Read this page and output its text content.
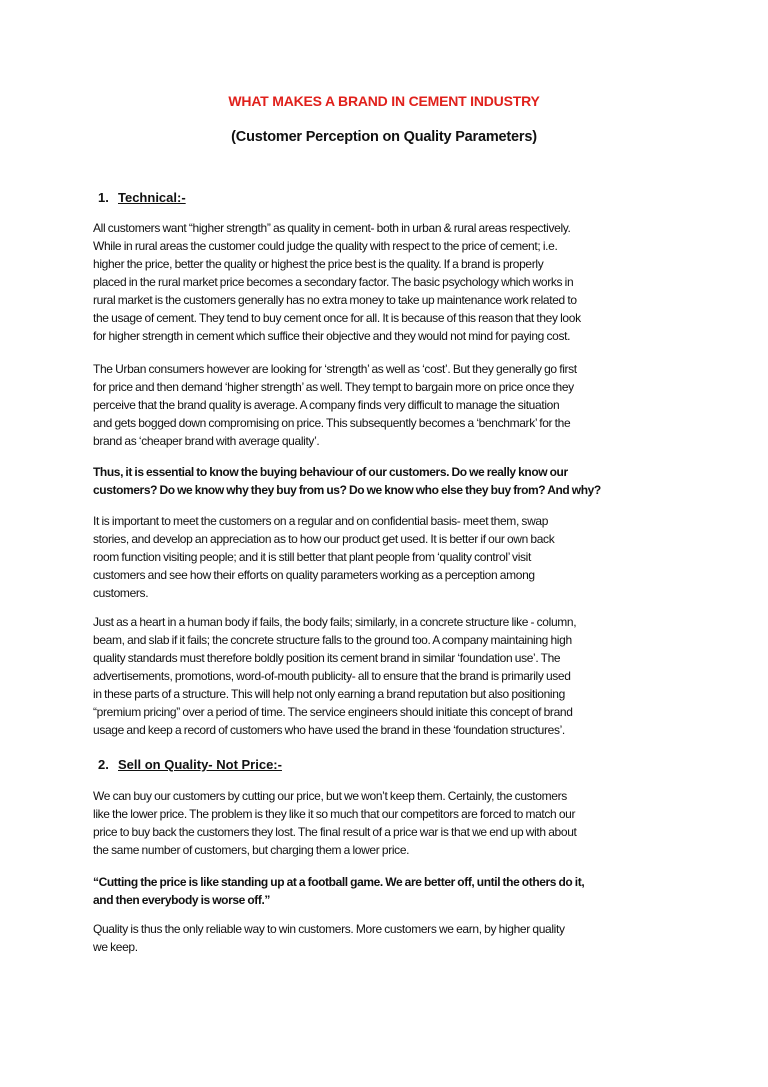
WHAT MAKES A BRAND IN CEMENT INDUSTRY
(Customer Perception on Quality Parameters)
1. Technical:-
All customers want “higher strength” as quality in cement- both in urban & rural areas respectively.
While in rural areas the customer could judge the quality with respect to the price of cement; i.e.
higher the price, better the quality or highest the price best is the quality. If a brand is properly
placed in the rural market price becomes a secondary factor. The basic psychology which works in
rural market is the customers generally has no extra money to take up maintenance work related to
the usage of cement. They tend to buy cement once for all. It is because of this reason that they look
for higher strength in cement which suffice their objective and they would not mind for paying cost.
The Urban consumers however are looking for ‘strength’ as well as ‘cost’. But they generally go first
for price and then demand ‘higher strength’ as well. They tempt to bargain more on price once they
perceive that the brand quality is average. A company finds very difficult to manage the situation
and gets bogged down compromising on price. This subsequently becomes a ‘benchmark’ for the
brand as ‘cheaper brand with average quality’.
Thus, it is essential to know the buying behaviour of our customers. Do we really know our
customers? Do we know why they buy from us? Do we know who else they buy from? And why?
It is important to meet the customers on a regular and on confidential basis- meet them, swap
stories, and develop an appreciation as to how our product get used. It is better if our own back
room function visiting people; and it is still better that plant people from ‘quality control’ visit
customers and see how their efforts on quality parameters working as a perception among
customers.
Just as a heart in a human body if fails, the body fails; similarly, in a concrete structure like - column,
beam, and slab if it fails; the concrete structure falls to the ground too. A company maintaining high
quality standards must therefore boldly position its cement brand in similar ‘foundation use’. The
advertisements, promotions, word-of-mouth publicity- all to ensure that the brand is primarily used
in these parts of a structure. This will help not only earning a brand reputation but also positioning
“premium pricing” over a period of time. The service engineers should initiate this concept of brand
usage and keep a record of customers who have used the brand in these ‘foundation structures’.
2. Sell on Quality- Not Price:-
We can buy our customers by cutting our price, but we won’t keep them. Certainly, the customers
like the lower price. The problem is they like it so much that our competitors are forced to match our
price to buy back the customers they lost. The final result of a price war is that we end up with about
the same number of customers, but charging them a lower price.
“Cutting the price is like standing up at a football game. We are better off, until the others do it,
and then everybody is worse off.”
Quality is thus the only reliable way to win customers. More customers we earn, by higher quality
we keep.
